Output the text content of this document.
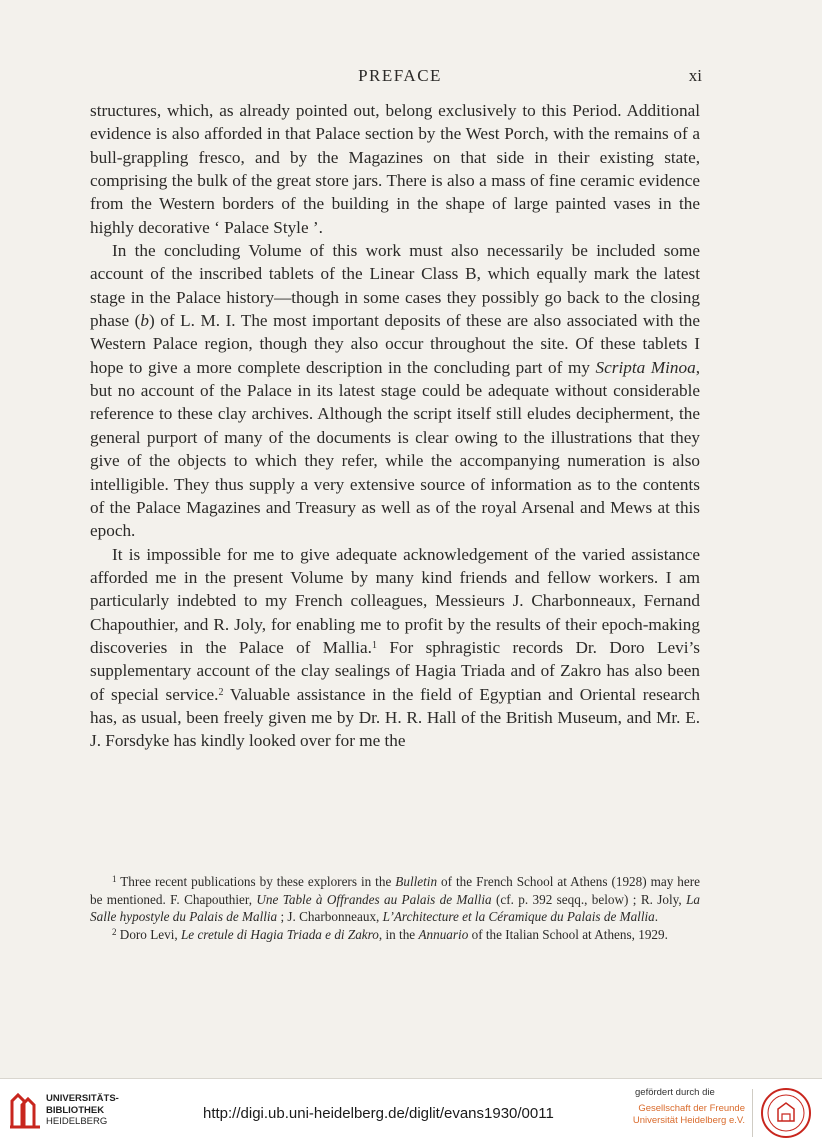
PREFACE	xi

structures, which, as already pointed out, belong exclusively to this Period. Additional evidence is also afforded in that Palace section by the West Porch, with the remains of a bull-grappling fresco, and by the Magazines on that side in their existing state, comprising the bulk of the great store jars. There is also a mass of fine ceramic evidence from the Western borders of the building in the shape of large painted vases in the highly decorative ‘ Palace Style ’.

In the concluding Volume of this work must also necessarily be included some account of the inscribed tablets of the Linear Class B, which equally mark the latest stage in the Palace history—though in some cases they possibly go back to the closing phase (b) of L. M. I. The most important deposits of these are also associated with the Western Palace region, though they also occur throughout the site. Of these tablets I hope to give a more complete description in the concluding part of my Scripta Minoa, but no account of the Palace in its latest stage could be adequate without considerable reference to these clay archives. Although the script itself still eludes decipherment, the general purport of many of the documents is clear owing to the illustrations that they give of the objects to which they refer, while the accompanying numeration is also intelligible. They thus supply a very extensive source of information as to the contents of the Palace Magazines and Treasury as well as of the royal Arsenal and Mews at this epoch.

It is impossible for me to give adequate acknowledgement of the varied assistance afforded me in the present Volume by many kind friends and fellow workers. I am particularly indebted to my French colleagues, Messieurs J. Charbonneaux, Fernand Chapouthier, and R. Joly, for enabling me to profit by the results of their epoch-making discoveries in the Palace of Mallia.$^1$ For sphragistic records Dr. Doro Levi’s supplementary account of the clay sealings of Hagia Triada and of Zakro has also been of special service.$^2$ Valuable assistance in the field of Egyptian and Oriental research has, as usual, been freely given me by Dr. H. R. Hall of the British Museum, and Mr. E. J. Forsdyke has kindly looked over for me the

$^1$ Three recent publications by these explorers in the Bulletin of the French School at Athens (1928) may here be mentioned. F. Chapouthier, Une Table à Offrandes au Palais de Mallia (cf. p. 392 seqq., below) ; R. Joly, La Salle hypostyle du Palais de Mallia ; J. Charbonneaux, L’Architecture et la Céramique du Palais de Mallia.

$^2$ Doro Levi, Le cretule di Hagia Triada e di Zakro, in the Annuario of the Italian School at Athens, 1929.

UNIVERSITÄTS-
BIBLIOTHEK
HEIDELBERG	http://digi.ub.uni-heidelberg.de/diglit/evans1930/0011
gefördert durch die
Gesellschaft der Freunde
Universität Heidelberg e.V.
